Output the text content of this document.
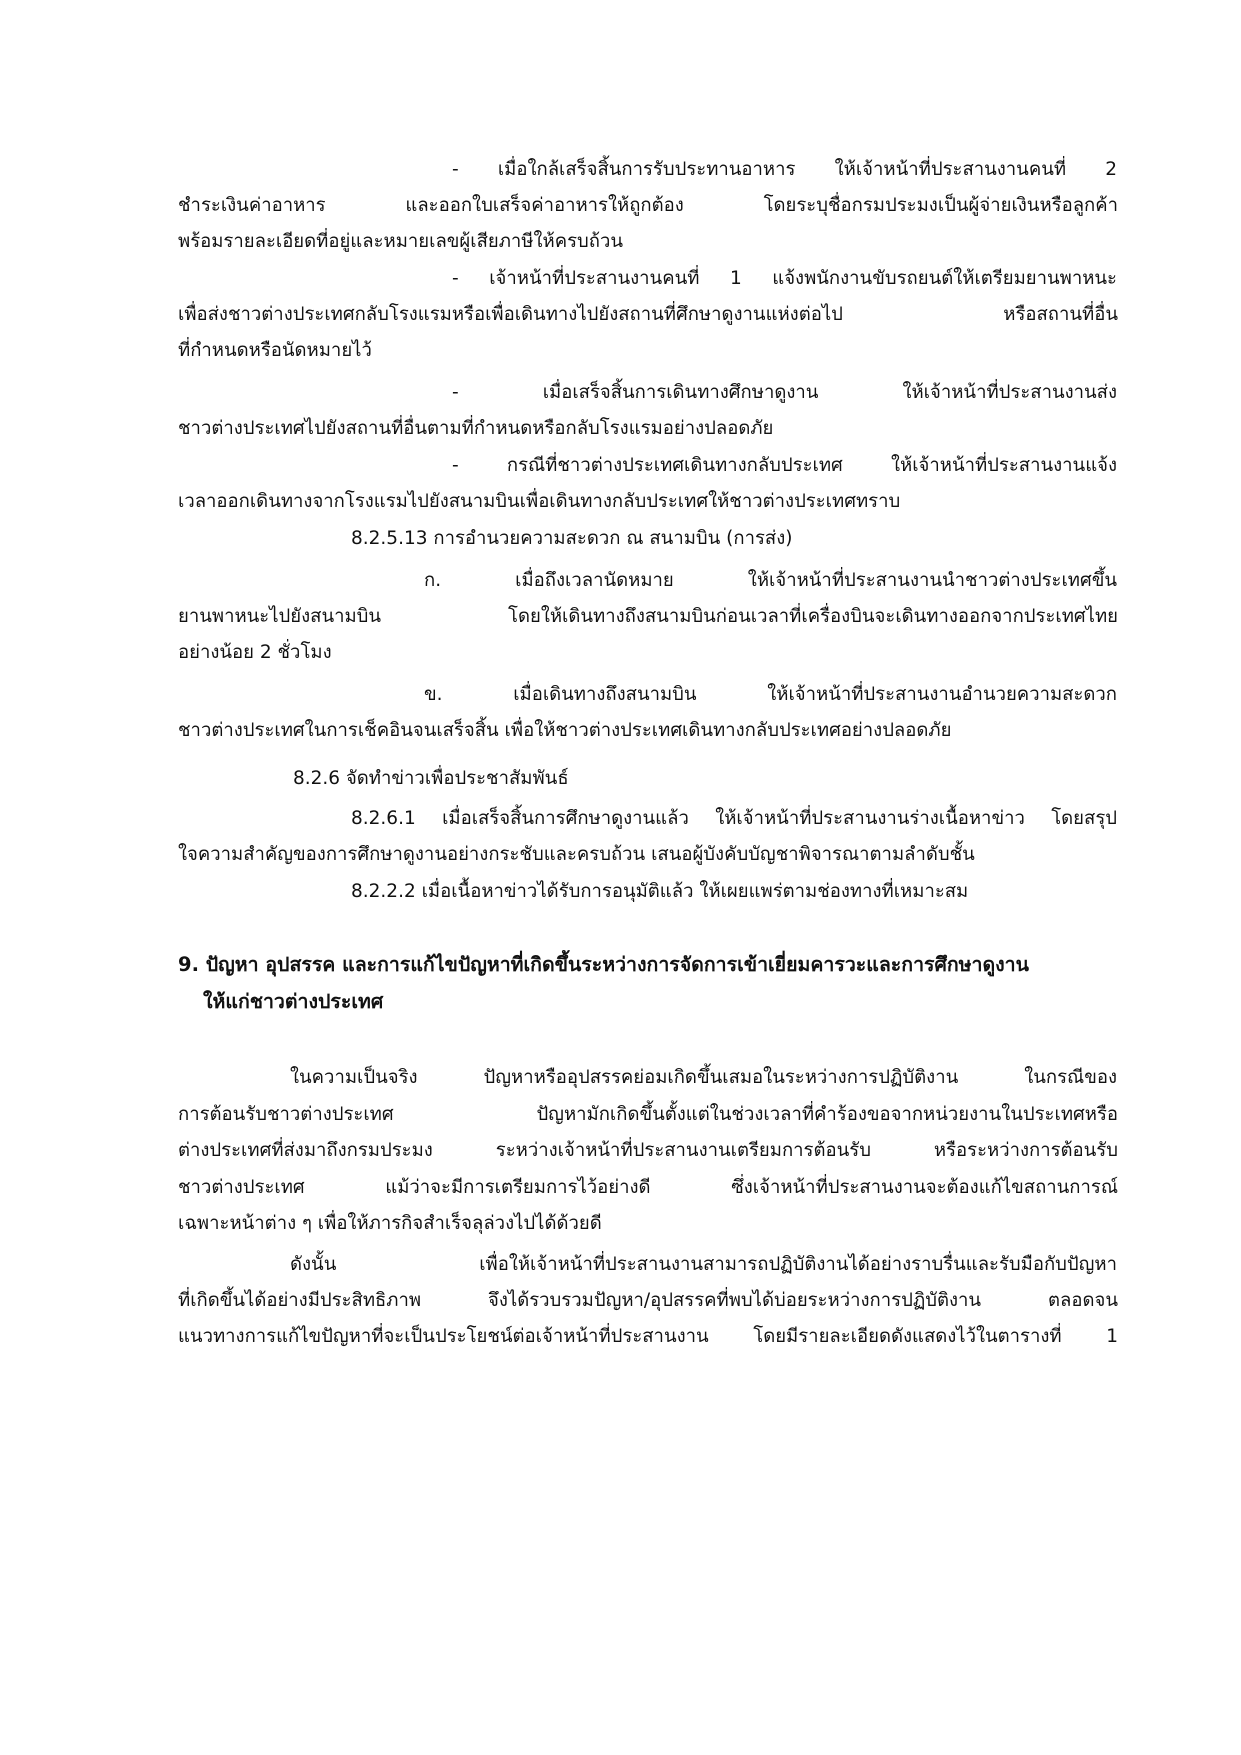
- เมื่อใกล้เสร็จสิ้นการรับประทานอาหาร ให้เจ้าหน้าที่ประสานงานคนที่ 2
ชำระเงินค่าอาหาร และออกใบเสร็จค่าอาหารให้ถูกต้อง โดยระบุชื่อกรมประมงเป็นผู้จ่ายเงินหรือลูกค้า
พร้อมรายละเอียดที่อยู่และหมายเลขผู้เสียภาษีให้ครบถ้วน
- เจ้าหน้าที่ประสานงานคนที่ 1 แจ้งพนักงานขับรถยนต์ให้เตรียมยานพาหนะ
เพื่อส่งชาวต่างประเทศกลับโรงแรมหรือเพื่อเดินทางไปยังสถานที่ศึกษาดูงานแห่งต่อไป หรือสถานที่อื่น
ที่กำหนดหรือนัดหมายไว้
- เมื่อเสร็จสิ้นการเดินทางศึกษาดูงาน ให้เจ้าหน้าที่ประสานงานส่ง
ชาวต่างประเทศไปยังสถานที่อื่นตามที่กำหนดหรือกลับโรงแรมอย่างปลอดภัย
- กรณีที่ชาวต่างประเทศเดินทางกลับประเทศ ให้เจ้าหน้าที่ประสานงานแจ้ง
เวลาออกเดินทางจากโรงแรมไปยังสนามบินเพื่อเดินทางกลับประเทศให้ชาวต่างประเทศทราบ
8.2.5.13 การอำนวยความสะดวก ณ สนามบิน (การส่ง)
ก. เมื่อถึงเวลานัดหมาย ให้เจ้าหน้าที่ประสานงานนำชาวต่างประเทศขึ้น
ยานพาหนะไปยังสนามบิน โดยให้เดินทางถึงสนามบินก่อนเวลาที่เครื่องบินจะเดินทางออกจากประเทศไทย
อย่างน้อย 2 ชั่วโมง
ข. เมื่อเดินทางถึงสนามบิน ให้เจ้าหน้าที่ประสานงานอำนวยความสะดวก
ชาวต่างประเทศในการเช็คอินจนเสร็จสิ้น เพื่อให้ชาวต่างประเทศเดินทางกลับประเทศอย่างปลอดภัย
8.2.6 จัดทำข่าวเพื่อประชาสัมพันธ์
8.2.6.1 เมื่อเสร็จสิ้นการศึกษาดูงานแล้ว ให้เจ้าหน้าที่ประสานงานร่างเนื้อหาข่าว โดยสรุป
ใจความสำคัญของการศึกษาดูงานอย่างกระชับและครบถ้วน เสนอผู้บังคับบัญชาพิจารณาตามลำดับชั้น
8.2.2.2 เมื่อเนื้อหาข่าวได้รับการอนุมัติแล้ว ให้เผยแพร่ตามช่องทางที่เหมาะสม
9. ปัญหา อุปสรรค และการแก้ไขปัญหาที่เกิดขึ้นระหว่างการจัดการเข้าเยี่ยมคารวะและการศึกษาดูงาน
ให้แก่ชาวต่างประเทศ
ในความเป็นจริง ปัญหาหรืออุปสรรคย่อมเกิดขึ้นเสมอในระหว่างการปฏิบัติงาน ในกรณีของ
การต้อนรับชาวต่างประเทศ ปัญหามักเกิดขึ้นตั้งแต่ในช่วงเวลาที่คำร้องขอจากหน่วยงานในประเทศหรือ
ต่างประเทศที่ส่งมาถึงกรมประมง ระหว่างเจ้าหน้าที่ประสานงานเตรียมการต้อนรับ หรือระหว่างการต้อนรับ
ชาวต่างประเทศ แม้ว่าจะมีการเตรียมการไว้อย่างดี ซึ่งเจ้าหน้าที่ประสานงานจะต้องแก้ไขสถานการณ์
เฉพาะหน้าต่าง ๆ เพื่อให้ภารกิจสำเร็จลุล่วงไปได้ด้วยดี
ดังนั้น เพื่อให้เจ้าหน้าที่ประสานงานสามารถปฏิบัติงานได้อย่างราบรื่นและรับมือกับปัญหา
ที่เกิดขึ้นได้อย่างมีประสิทธิภาพ จึงได้รวบรวมปัญหา/อุปสรรคที่พบได้บ่อยระหว่างการปฏิบัติงาน ตลอดจน
แนวทางการแก้ไขปัญหาที่จะเป็นประโยชน์ต่อเจ้าหน้าที่ประสานงาน โดยมีรายละเอียดดังแสดงไว้ในตารางที่ 1
